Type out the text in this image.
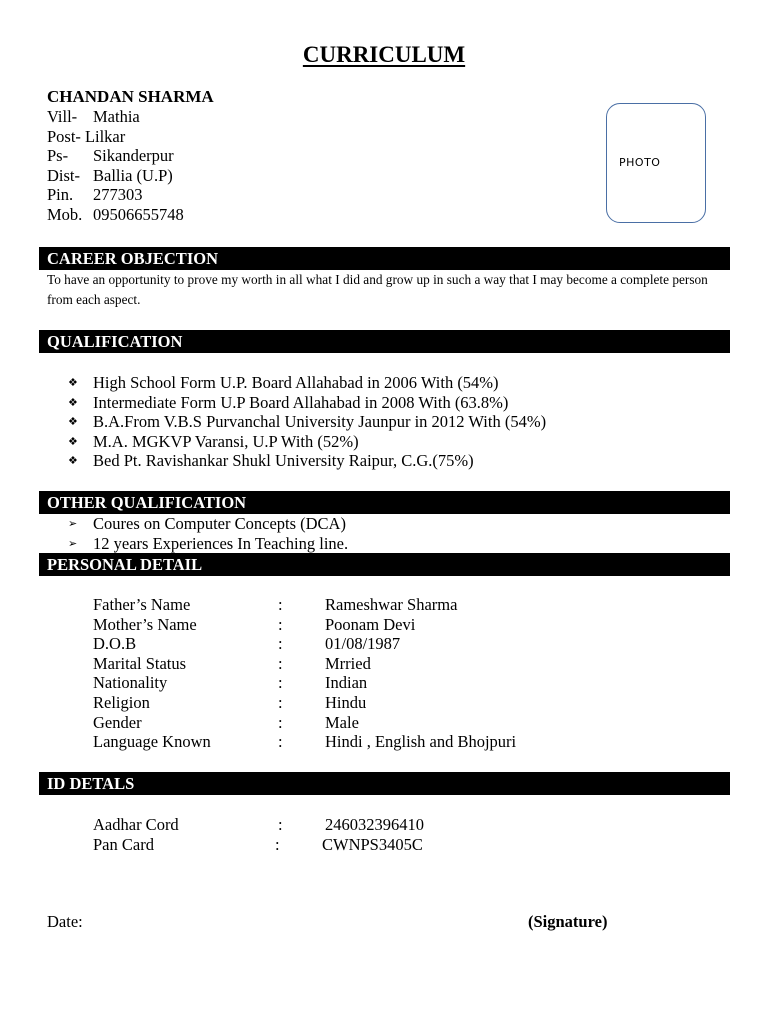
CURRICULUM
CHANDAN SHARMA
Vill- Mathia
Post- Lilkar
Ps- Sikanderpur
Dist- Ballia (U.P)
Pin. 277303
Mob. 09506655748
PHOTO
CAREER OBJECTION
To have an opportunity to prove my worth in all what I did and grow up in such a way that I may become a complete person from each aspect.
QUALIFICATION
❖ High School Form U.P. Board Allahabad in 2006 With (54%)
❖ Intermediate Form U.P Board Allahabad in 2008 With (63.8%)
❖ B.A.From V.B.S Purvanchal University Jaunpur in 2012 With (54%)
❖ M.A. MGKVP Varansi, U.P With (52%)
❖ Bed Pt. Ravishankar Shukl University Raipur, C.G.(75%)
OTHER QUALIFICATION
➢ Coures on Computer Concepts (DCA)
➢ 12 years Experiences In Teaching line.
PERSONAL DETAIL
Father’s Name	:	Rameshwar Sharma
Mother’s Name	:	Poonam Devi
D.O.B	:	01/08/1987
Marital Status	:	Mrried
Nationality	:	Indian
Religion	:	Hindu
Gender	:	Male
Language Known	:	Hindi , English and Bhojpuri
ID DETALS
Aadhar Cord	:	246032396410
Pan Card	:	CWNPS3405C
Date:	(Signature)
